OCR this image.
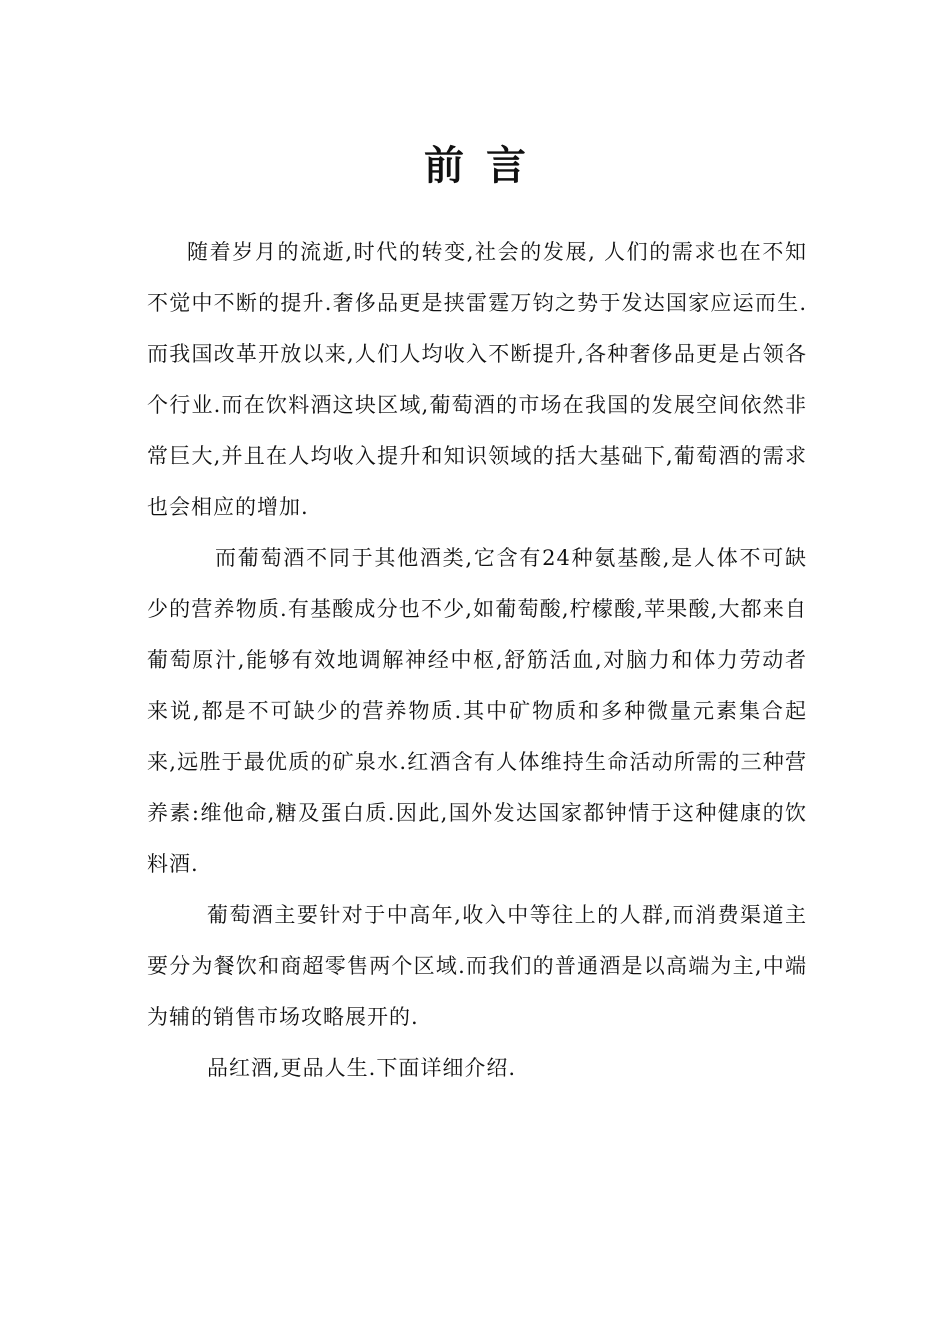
前言

随着岁月的流逝,时代的转变,社会的发展, 人们的需求也在不知不觉中不断的提升.奢侈品更是挟雷霆万钧之势于发达国家应运而生.而我国改革开放以来,人们人均收入不断提升,各种奢侈品更是占领各个行业.而在饮料酒这块区域,葡萄酒的市场在我国的发展空间依然非常巨大,并且在人均收入提升和知识领域的括大基础下,葡萄酒的需求也会相应的增加.

而葡萄酒不同于其他酒类,它含有24种氨基酸,是人体不可缺少的营养物质.有基酸成分也不少,如葡萄酸,柠檬酸,苹果酸,大都来自葡萄原汁,能够有效地调解神经中枢,舒筋活血,对脑力和体力劳动者来说,都是不可缺少的营养物质.其中矿物质和多种微量元素集合起来,远胜于最优质的矿泉水.红酒含有人体维持生命活动所需的三种营养素:维他命,糖及蛋白质.因此,国外发达国家都钟情于这种健康的饮料酒.

葡萄酒主要针对于中高年,收入中等往上的人群,而消费渠道主要分为餐饮和商超零售两个区域.而我们的普通酒是以高端为主,中端为辅的销售市场攻略展开的.

品红酒,更品人生.下面详细介绍.
